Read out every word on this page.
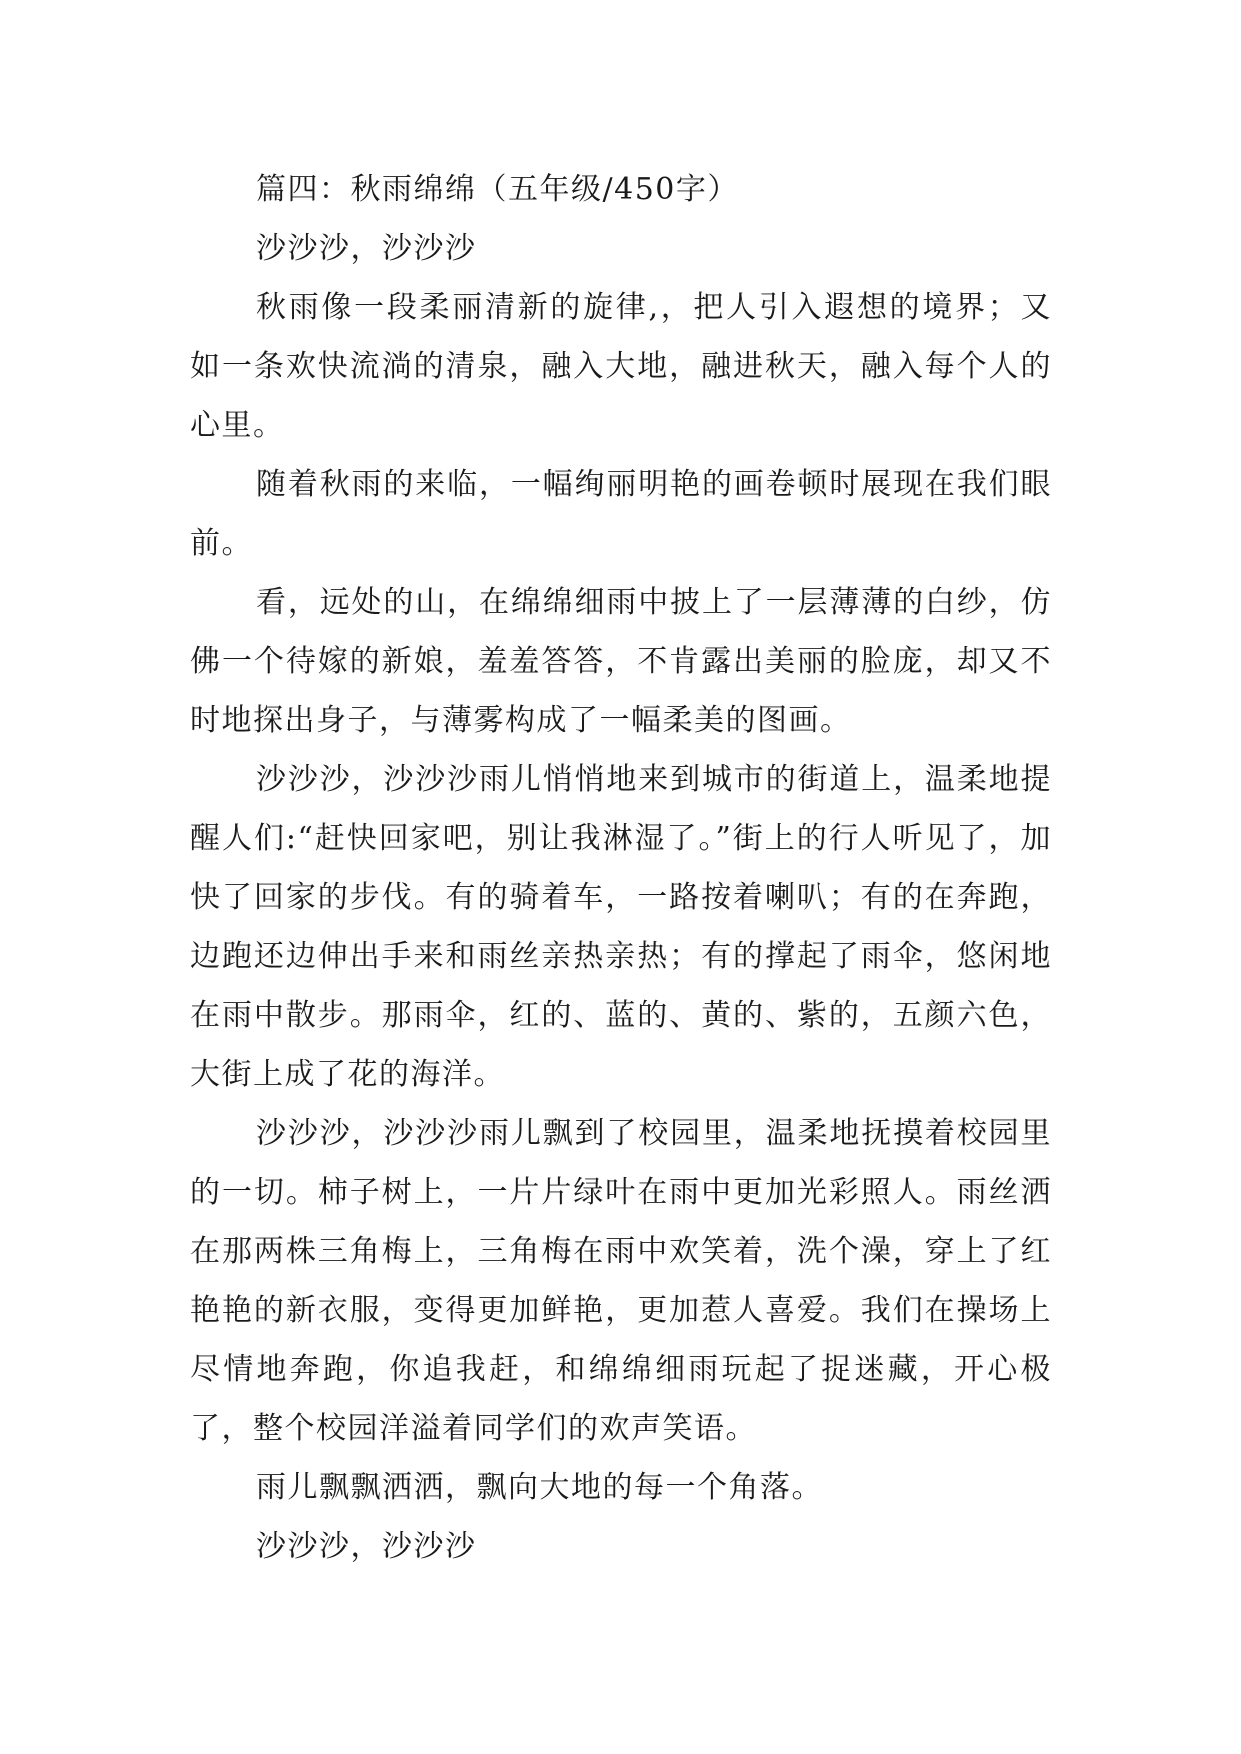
篇四：秋雨绵绵（五年级/450字）

沙沙沙，沙沙沙

秋雨像一段柔丽清新的旋律,，把人引入遐想的境界；又如一条欢快流淌的清泉，融入大地，融进秋天，融入每个人的心里。

随着秋雨的来临，一幅绚丽明艳的画卷顿时展现在我们眼前。

看，远处的山，在绵绵细雨中披上了一层薄薄的白纱，仿佛一个待嫁的新娘，羞羞答答，不肯露出美丽的脸庞，却又不时地探出身子，与薄雾构成了一幅柔美的图画。

沙沙沙，沙沙沙雨儿悄悄地来到城市的街道上，温柔地提醒人们:“赶快回家吧，别让我淋湿了。”街上的行人听见了，加快了回家的步伐。有的骑着车，一路按着喇叭；有的在奔跑，边跑还边伸出手来和雨丝亲热亲热；有的撑起了雨伞，悠闲地在雨中散步。那雨伞，红的、蓝的、黄的、紫的，五颜六色，大街上成了花的海洋。

沙沙沙，沙沙沙雨儿飘到了校园里，温柔地抚摸着校园里的一切。柿子树上，一片片绿叶在雨中更加光彩照人。雨丝洒在那两株三角梅上，三角梅在雨中欢笑着，洗个澡，穿上了红艳艳的新衣服，变得更加鲜艳，更加惹人喜爱。我们在操场上尽情地奔跑，你追我赶，和绵绵细雨玩起了捉迷藏，开心极了，整个校园洋溢着同学们的欢声笑语。

雨儿飘飘洒洒，飘向大地的每一个角落。

沙沙沙，沙沙沙
